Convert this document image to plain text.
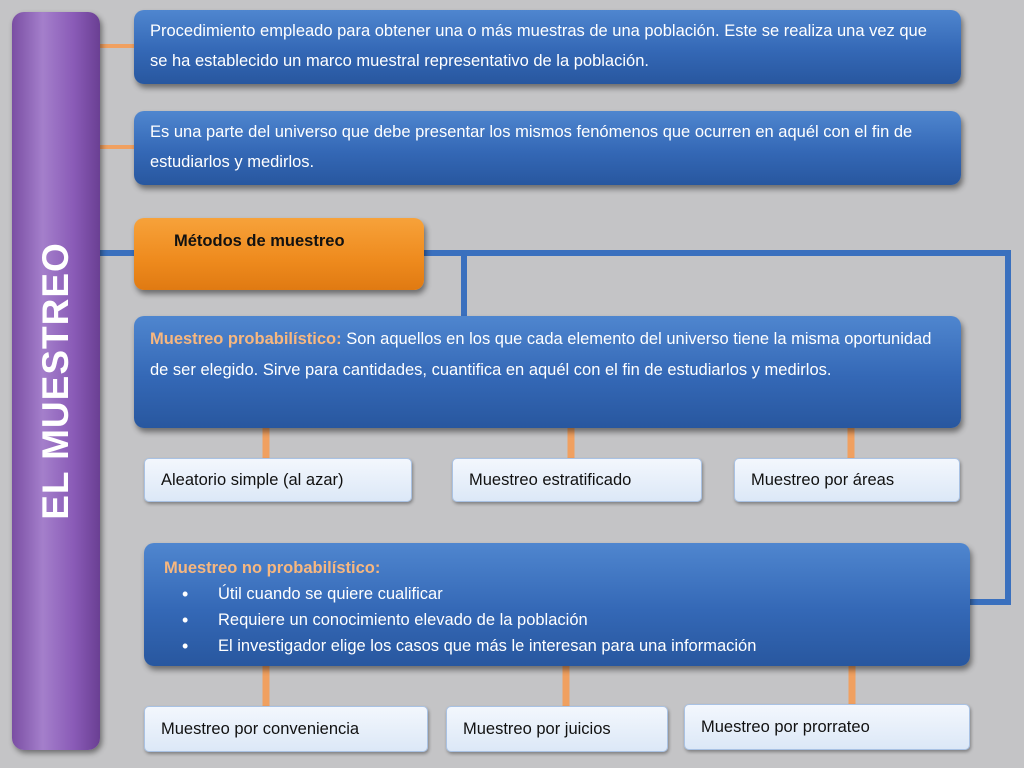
EL MUESTREO
Procedimiento empleado para obtener una o más muestras de una población. Este se realiza una vez que se ha establecido un marco muestral representativo de la población.
Es una parte del universo que debe presentar los mismos fenómenos que ocurren en aquél con el fin de estudiarlos y medirlos.
Métodos de muestreo
Muestreo probabilístico: Son aquellos en los que cada elemento del universo tiene la misma oportunidad de ser elegido. Sirve para cantidades, cuantifica en aquél con el fin de estudiarlos y medirlos.
Aleatorio simple (al azar)	Muestreo estratificado	Muestreo por áreas
Muestreo no probabilístico:
• Útil cuando se quiere cualificar
• Requiere un conocimiento elevado de la población
• El investigador elige los casos que más le interesan para una información
Muestreo por conveniencia	Muestreo por juicios	Muestreo por prorrateo
